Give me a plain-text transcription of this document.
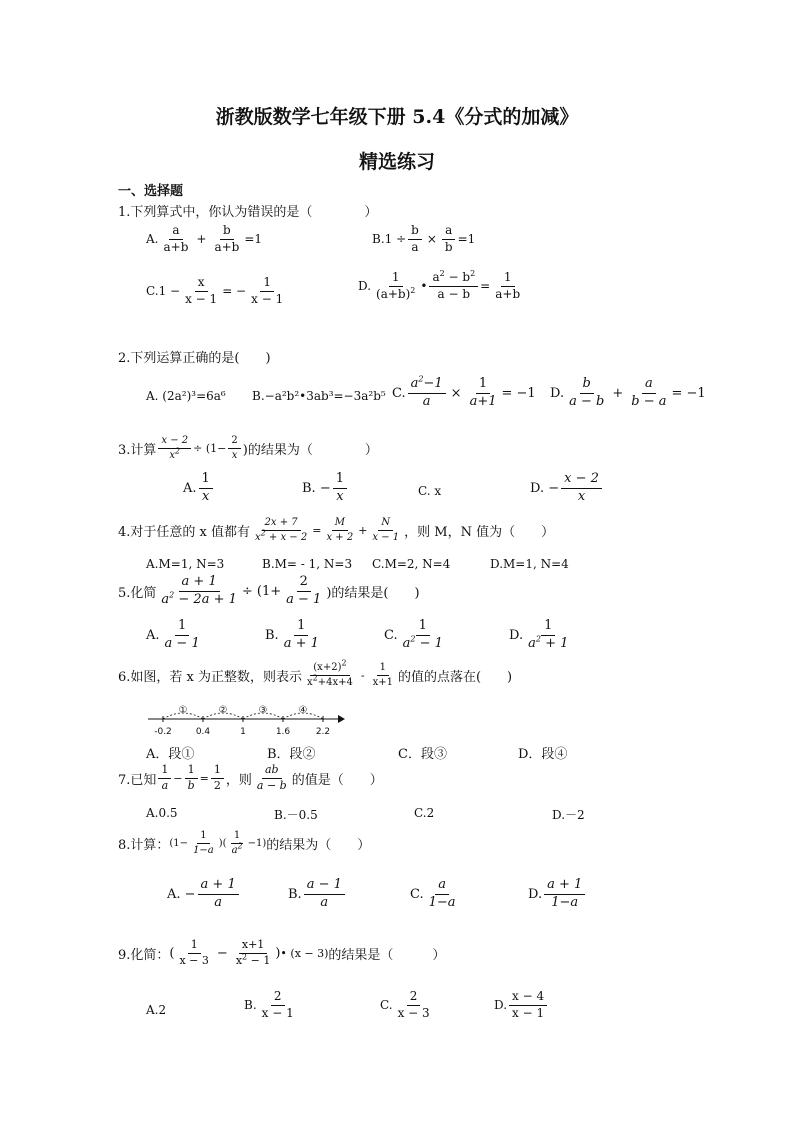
浙教版数学七年级下册 5.4《分式的加减》
精选练习
一、选择题
1.下列算式中，你认为错误的是（　　　　）
A. $\frac{a}{a+b} + \frac{b}{a+b} =1$	B. $1 \div \frac{b}{a} \times \frac{a}{b} =1$
C. $1 - \frac{x}{x - 1}$ = − $\frac{1}{x - 1}$	D. $\frac{1}{(a+b)^2}$ • $\frac{a^2 - b^2}{a - b} = \frac{1}{a+b}$
2.下列运算正确的是(　　)
A. (2a²)³=6a⁶ B.−a²b²•3ab³=−3a²b⁵ C. $\frac{a^2-1}{a} \times \frac{1}{a+1} = -1$ D. $\frac{b}{a - b} + \frac{a}{b - a} = -1$
3.计算 $\frac{x - 2}{x^2} \div (1- \frac{2}{x}$ )的结果为（　　　　）
A. $\frac{1}{x}$	B. − $\frac{1}{x}$	C. x	D. − $\frac{x - 2}{x}$
4.对于任意的 x 值都有 $\frac{2x + 7}{x^2 + x - 2} = \frac{M}{x + 2} + \frac{N}{x - 1}$ ，则 M，N 值为（　　）
A.M=1, N=3	B.M= - 1, N=3 C.M=2, N=4	D.M=1, N=4
5.化简 $\frac{a + 1}{a^2 - 2a + 1} \div (1+ \frac{2}{a - 1}$ )的结果是(　　)
A. $\frac{1}{a - 1}$	B. $\frac{1}{a + 1}$	C. $\frac{1}{a^2 - 1}$	D. $\frac{1}{a^2 + 1}$
6.如图，若 x 为正整数，则表示 $\frac{(x+2)^2}{x^2+4x+4} - \frac{1}{x+1}$ 的值的点落在(　　)
①	②	③	④
-0.2	0.4	1	1.6	2.2
A．段①	B．段②	C．段③	D．段④
7.已知 $\frac{1}{a} - \frac{1}{b} = \frac{1}{2}$ ，则 $\frac{ab}{a - b}$ 的值是（　　）
A.0.5	B.－0.5	C.2	D.－2
8.计算： ($1- \frac{1}{1-a}$ )( $\frac{1}{a^2} -1$) 的结果为（　　）
A. − $\frac{a + 1}{a}$	B. $\frac{a - 1}{a}$	C. $\frac{a}{1-a}$	D. $\frac{a + 1}{1-a}$
9.化简： ( $\frac{1}{x - 3} - \frac{x+1}{x^2 - 1}$ ) • (x − 3) 的结果是（　　　）
A.2	B. $\frac{2}{x - 1}$	C. $\frac{2}{x - 3}$	D. $\frac{x - 4}{x - 1}$
